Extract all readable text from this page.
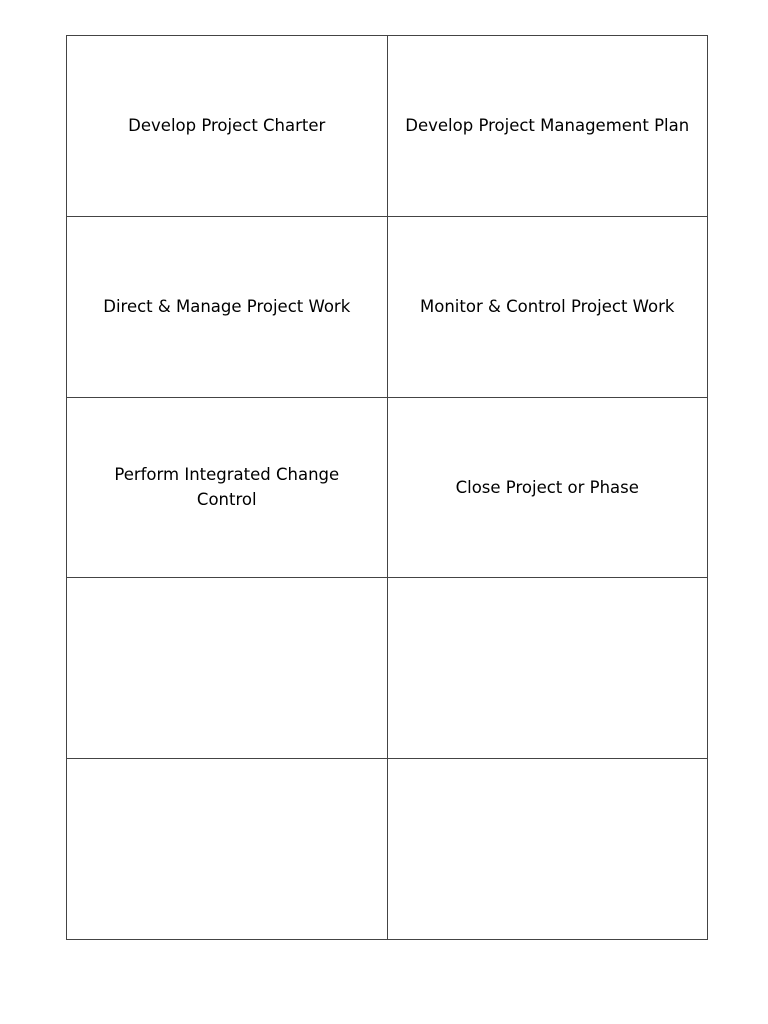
Develop Project Charter	Develop Project Management Plan
Direct & Manage Project Work	Monitor & Control Project Work
Perform Integrated Change
Control
Close Project or Phase
